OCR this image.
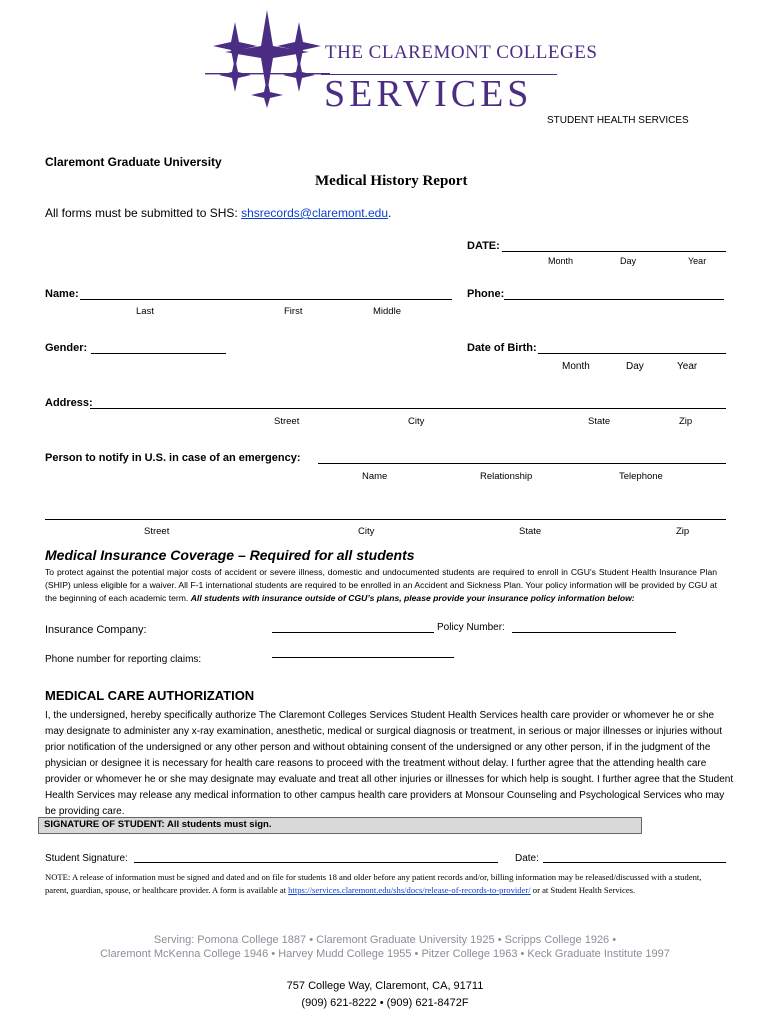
THE CLAREMONT COLLEGES
SERVICES
STUDENT HEALTH SERVICES
Claremont Graduate University
Medical History Report
All forms must be submitted to SHS: shsrecords@claremont.edu.
DATE:
Month	Day	Year
Name:
Last	First	Middle
Phone:
Gender:	Date of Birth:
Month	Day	Year
Address:
Street	City	State	Zip
Person to notify in U.S. in case of an emergency:
Name	Relationship	Telephone
Street	City	State	Zip
Medical Insurance Coverage – Required for all students
To protect against the potential major costs of accident or severe illness, domestic and undocumented students are required to enroll in CGU’s Student Health Insurance Plan (SHIP) unless eligible for a waiver. All F-1 international students are required to be enrolled in an Accident and Sickness Plan. Your policy information will be provided by CGU at the beginning of each academic term. All students with insurance outside of CGU’s plans, please provide your insurance policy information below:
Insurance Company:	Policy Number:
Phone number for reporting claims:
MEDICAL CARE AUTHORIZATION
I, the undersigned, hereby specifically authorize The Claremont Colleges Services Student Health Services health care provider or whomever he or she may designate to administer any x-ray examination, anesthetic, medical or surgical diagnosis or treatment, in serious or major illnesses or injuries without prior notification of the undersigned or any other person and without obtaining consent of the undersigned or any other person, if in the judgment of the physician or designee it is necessary for health care reasons to proceed with the treatment without delay. I further agree that the attending health care provider or whomever he or she may designate may evaluate and treat all other injuries or illnesses for which help is sought. I further agree that the Student Health Services may release any medical information to other campus health care providers at Monsour Counseling and Psychological Services who may be providing care.
SIGNATURE OF STUDENT: All students must sign.
Student Signature:	Date:
NOTE: A release of information must be signed and dated and on file for students 18 and older before any patient records and/or, billing information may be released/discussed with a student, parent, guardian, spouse, or healthcare provider. A form is available at https://services.claremont.edu/shs/docs/release-of-records-to-provider/ or at Student Health Services.
Serving: Pomona College 1887 • Claremont Graduate University 1925 • Scripps College 1926 •
Claremont McKenna College 1946 • Harvey Mudd College 1955 • Pitzer College 1963 • Keck Graduate Institute 1997
757 College Way, Claremont, CA, 91711
(909) 621-8222 • (909) 621-8472F
